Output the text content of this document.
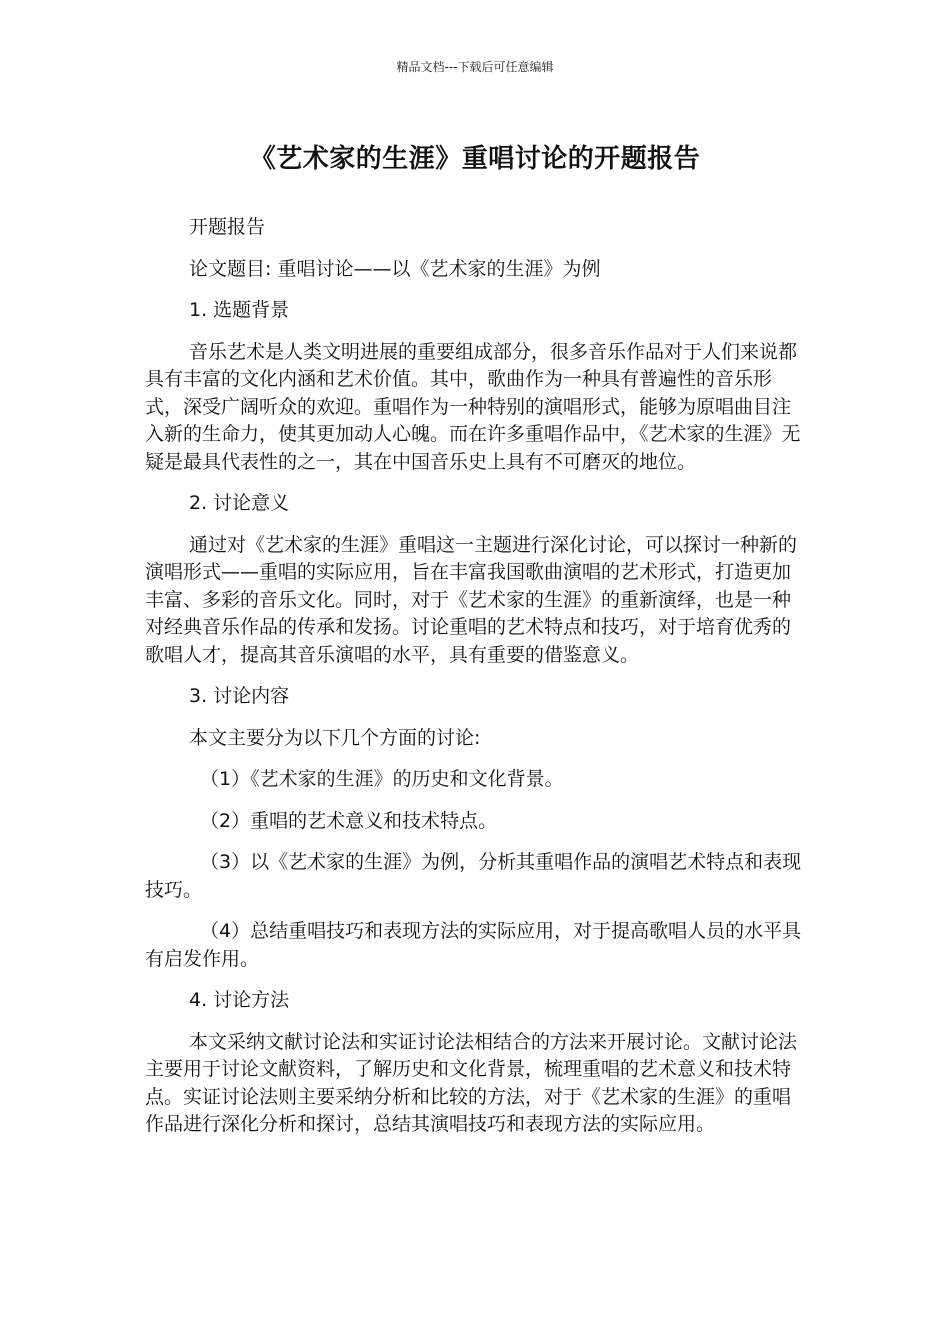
精品文档---下载后可任意编辑
《艺术家的生涯》重唱讨论的开题报告

开题报告

论文题目: 重唱讨论——以《艺术家的生涯》为例

1. 选题背景

音乐艺术是人类文明进展的重要组成部分，很多音乐作品对于人们来说都具有丰富的文化内涵和艺术价值。其中，歌曲作为一种具有普遍性的音乐形式，深受广阔听众的欢迎。重唱作为一种特别的演唱形式，能够为原唱曲目注入新的生命力，使其更加动人心魄。而在许多重唱作品中，《艺术家的生涯》无疑是最具代表性的之一，其在中国音乐史上具有不可磨灭的地位。

2. 讨论意义

通过对《艺术家的生涯》重唱这一主题进行深化讨论，可以探讨一种新的演唱形式——重唱的实际应用，旨在丰富我国歌曲演唱的艺术形式，打造更加丰富、多彩的音乐文化。同时，对于《艺术家的生涯》的重新演绎，也是一种对经典音乐作品的传承和发扬。讨论重唱的艺术特点和技巧，对于培育优秀的歌唱人才，提高其音乐演唱的水平，具有重要的借鉴意义。

3. 讨论内容

本文主要分为以下几个方面的讨论:

（1）《艺术家的生涯》的历史和文化背景。

（2）重唱的艺术意义和技术特点。

（3）以《艺术家的生涯》为例，分析其重唱作品的演唱艺术特点和表现技巧。

（4）总结重唱技巧和表现方法的实际应用，对于提高歌唱人员的水平具有启发作用。

4. 讨论方法

本文采纳文献讨论法和实证讨论法相结合的方法来开展讨论。文献讨论法主要用于讨论文献资料，了解历史和文化背景，梳理重唱的艺术意义和技术特点。实证讨论法则主要采纳分析和比较的方法，对于《艺术家的生涯》的重唱作品进行深化分析和探讨，总结其演唱技巧和表现方法的实际应用。
